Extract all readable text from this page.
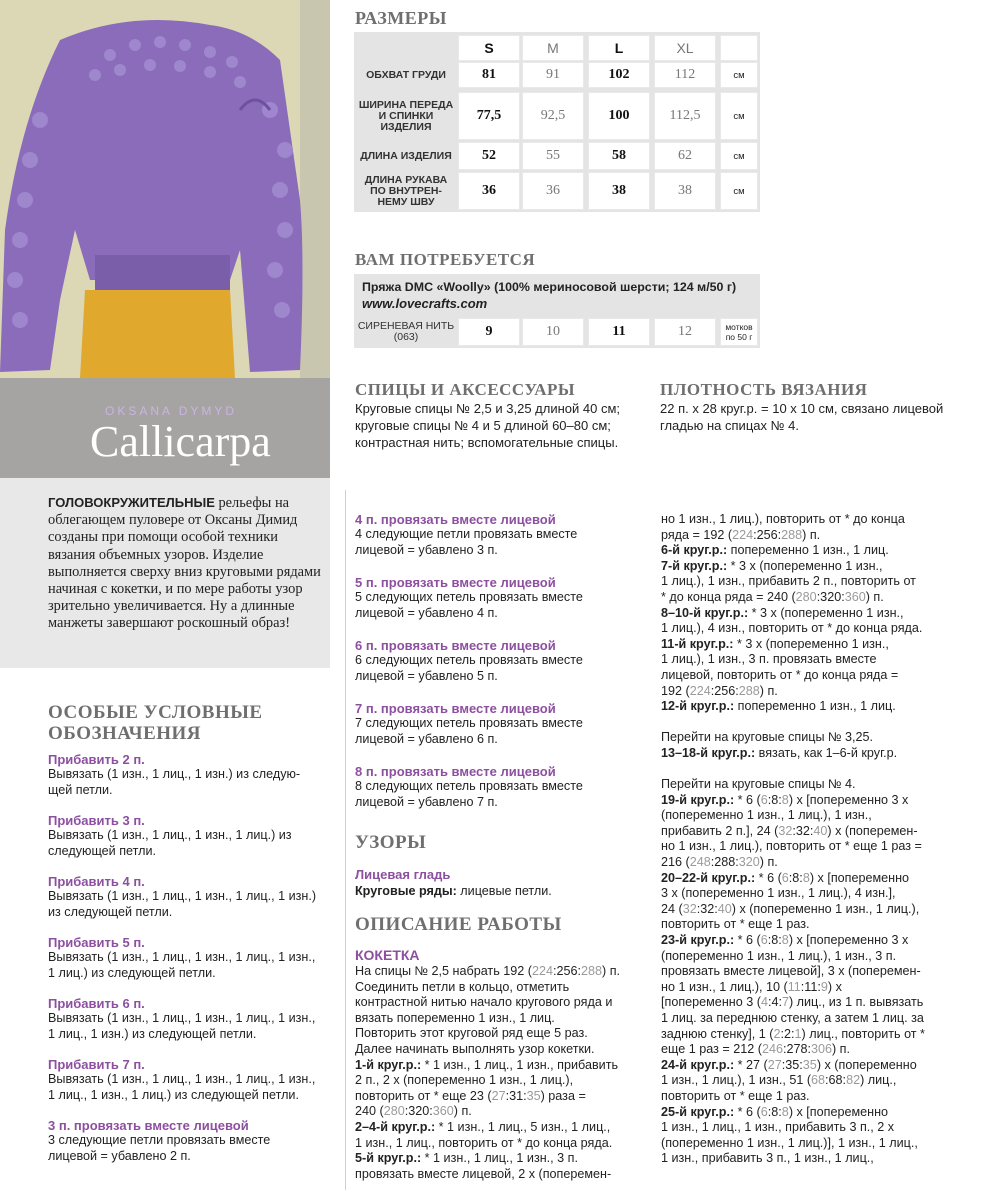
OKSANA DYMYD
Callicarpa
ГОЛОВОКРУЖИТЕЛЬНЫЕ рельефы на облегающем пуловере от Оксаны Димид созданы при помощи особой техники вязания объемных узоров. Изделие выполняется сверху вниз круговыми рядами начиная с кокетки, и по мере работы узор зрительно увеличивается. Ну а длинные манжеты завершают роскошный образ!
РАЗМЕРЫ
S	M	L	XL
ОБХВАТ ГРУДИ	81	91	102	112	см
ШИРИНА ПЕРЕДА И СПИНКИ ИЗДЕЛИЯ
77,5	92,5	100	112,5	см
ДЛИНА ИЗДЕЛИЯ	52	55	58	62	см
ДЛИНА РУКАВА ПО ВНУТРЕН-НЕМУ ШВУ
36	36	38	38	см
ВАМ ПОТРЕБУЕТСЯ
Пряжа DMC «Woolly» (100% мериносовой шерсти; 124 м/50 г)
www.lovecrafts.com
СИРЕНЕВАЯ НИТЬ (063)	9	10	11	12	мотков по 50 г
СПИЦЫ И АКСЕССУАРЫ
Круговые спицы № 2,5 и 3,25 длиной 40 см; круговые спицы № 4 и 5 длиной 60–80 см; контрастная нить; вспомогательные спицы.
ПЛОТНОСТЬ ВЯЗАНИЯ
22 п. х 28 круг.р. = 10 х 10 см, связано лицевой гладью на спицах № 4.
ОСОБЫЕ УСЛОВНЫЕ
ОБОЗНАЧЕНИЯ
Прибавить 2 п.
Вывязать (1 изн., 1 лиц., 1 изн.) из следую-
щей петли.
Прибавить 3 п.
Вывязать (1 изн., 1 лиц., 1 изн., 1 лиц.) из
следующей петли.
Прибавить 4 п.
Вывязать (1 изн., 1 лиц., 1 изн., 1 лиц., 1 изн.)
из следующей петли.
Прибавить 5 п.
Вывязать (1 изн., 1 лиц., 1 изн., 1 лиц., 1 изн.,
1 лиц.) из следующей петли.
Прибавить 6 п.
Вывязать (1 изн., 1 лиц., 1 изн., 1 лиц., 1 изн.,
1 лиц., 1 изн.) из следующей петли.
Прибавить 7 п.
Вывязать (1 изн., 1 лиц., 1 изн., 1 лиц., 1 изн.,
1 лиц., 1 изн., 1 лиц.) из следующей петли.
3 п. провязать вместе лицевой
3 следующие петли провязать вместе
лицевой = убавлено 2 п.
4 п. провязать вместе лицевой
4 следующие петли провязать вместе
лицевой = убавлено 3 п.
5 п. провязать вместе лицевой
5 следующих петель провязать вместе
лицевой = убавлено 4 п.
6 п. провязать вместе лицевой
6 следующих петель провязать вместе
лицевой = убавлено 5 п.
7 п. провязать вместе лицевой
7 следующих петель провязать вместе
лицевой = убавлено 6 п.
8 п. провязать вместе лицевой
8 следующих петель провязать вместе
лицевой = убавлено 7 п.
УЗОРЫ
Лицевая гладь
Круговые ряды: лицевые петли.
ОПИСАНИЕ РАБОТЫ
КОКЕТКА
На спицы № 2,5 набрать 192 (224:256:288) п.
Соединить петли в кольцо, отметить
контрастной нитью начало кругового ряда и
вязать попеременно 1 изн., 1 лиц.
Повторить этот круговой ряд еще 5 раз.
Далее начинать выполнять узор кокетки.
1-й круг.р.: * 1 изн., 1 лиц., 1 изн., прибавить
2 п., 2 х (попеременно 1 изн., 1 лиц.),
повторить от * еще 23 (27:31:35) раза =
240 (280:320:360) п.
2–4-й круг.р.: * 1 изн., 1 лиц., 5 изн., 1 лиц.,
1 изн., 1 лиц., повторить от * до конца ряда.
5-й круг.р.: * 1 изн., 1 лиц., 1 изн., 3 п.
провязать вместе лицевой, 2 х (поперемен-
но 1 изн., 1 лиц.), повторить от * до конца
ряда = 192 (224:256:288) п.
6-й круг.р.: попеременно 1 изн., 1 лиц.
7-й круг.р.: * 3 х (попеременно 1 изн.,
1 лиц.), 1 изн., прибавить 2 п., повторить от
* до конца ряда = 240 (280:320:360) п.
8–10-й круг.р.: * 3 х (попеременно 1 изн.,
1 лиц.), 4 изн., повторить от * до конца ряда.
11-й круг.р.: * 3 х (попеременно 1 изн.,
1 лиц.), 1 изн., 3 п. провязать вместе
лицевой, повторить от * до конца ряда =
192 (224:256:288) п.
12-й круг.р.: попеременно 1 изн., 1 лиц.

Перейти на круговые спицы № 3,25.
13–18-й круг.р.: вязать, как 1–6-й круг.р.

Перейти на круговые спицы № 4.
19-й круг.р.: * 6 (6:8:8) х [попеременно 3 х
(попеременно 1 изн., 1 лиц.), 1 изн.,
прибавить 2 п.], 24 (32:32:40) х (поперемен-
но 1 изн., 1 лиц.), повторить от * еще 1 раз =
216 (248:288:320) п.
20–22-й круг.р.: * 6 (6:8:8) х [попеременно
3 х (попеременно 1 изн., 1 лиц.), 4 изн.],
24 (32:32:40) х (попеременно 1 изн., 1 лиц.),
повторить от * еще 1 раз.
23-й круг.р.: * 6 (6:8:8) х [попеременно 3 х
(попеременно 1 изн., 1 лиц.), 1 изн., 3 п.
провязать вместе лицевой], 3 х (поперемен-
но 1 изн., 1 лиц.), 10 (11:11:9) х
[попеременно 3 (4:4:7) лиц., из 1 п. вывязать
1 лиц. за переднюю стенку, а затем 1 лиц. за
заднюю стенку], 1 (2:2:1) лиц., повторить от *
еще 1 раз = 212 (246:278:306) п.
24-й круг.р.: * 27 (27:35:35) х (попеременно
1 изн., 1 лиц.), 1 изн., 51 (68:68:82) лиц.,
повторить от * еще 1 раз.
25-й круг.р.: * 6 (6:8:8) х [попеременно
1 изн., 1 лиц., 1 изн., прибавить 3 п., 2 х
(попеременно 1 изн., 1 лиц.)], 1 изн., 1 лиц.,
1 изн., прибавить 3 п., 1 изн., 1 лиц.,
